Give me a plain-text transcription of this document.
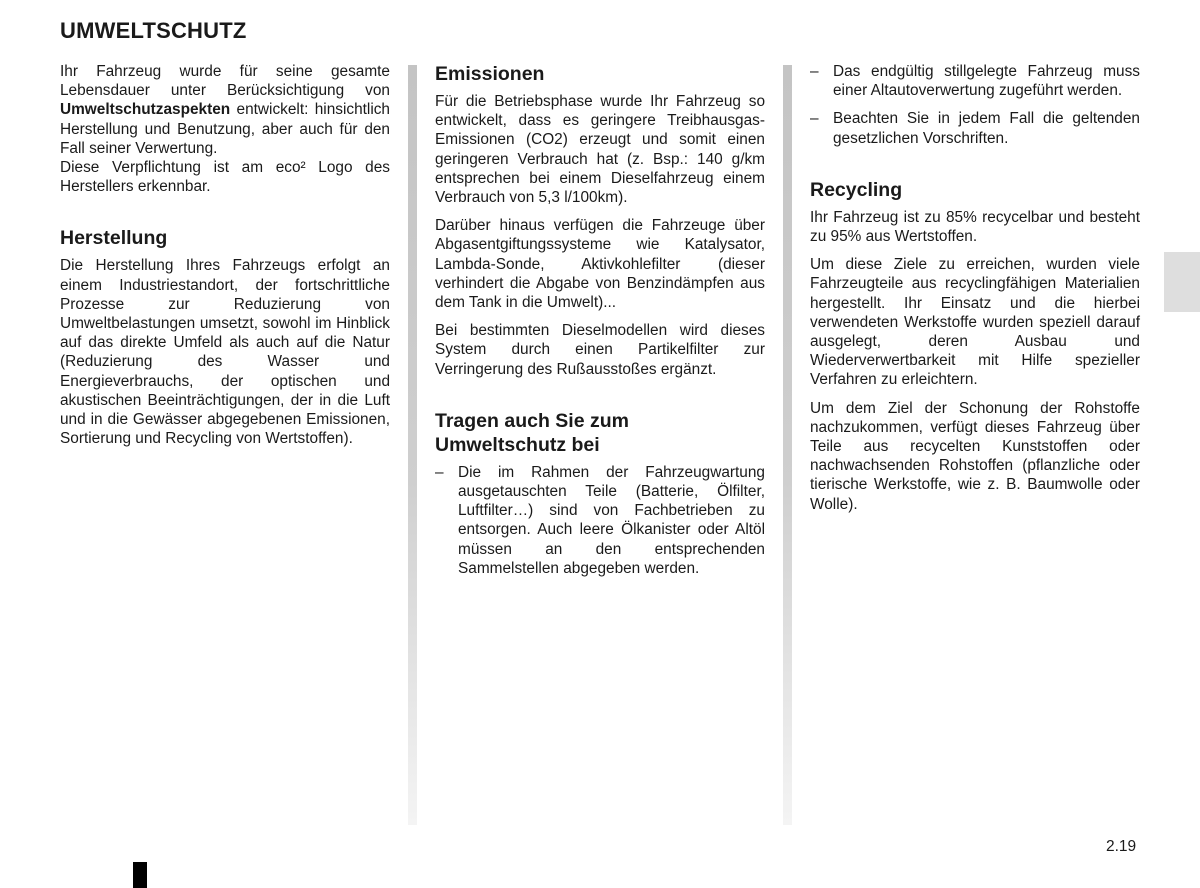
UMWELTSCHUTZ

Ihr Fahrzeug wurde für seine gesamte Lebensdauer unter Berücksichtigung von Umweltschutzaspekten entwickelt: hinsichtlich Herstellung und Benutzung, aber auch für den Fall seiner Verwertung.
Diese Verpflichtung ist am eco² Logo des Herstellers erkennbar.

Herstellung

Die Herstellung Ihres Fahrzeugs erfolgt an einem Industriestandort, der fortschrittliche Prozesse zur Reduzierung von Umweltbelastungen umsetzt, sowohl im Hinblick auf das direkte Umfeld als auch auf die Natur (Reduzierung des Wasser und Energieverbrauchs, der optischen und akustischen Beeinträchtigungen, der in die Luft und in die Gewässer abgegebenen Emissionen, Sortierung und Recycling von Wertstoffen).

Emissionen

Für die Betriebsphase wurde Ihr Fahrzeug so entwickelt, dass es geringere Treibhausgas-Emissionen (CO2) erzeugt und somit einen geringeren Verbrauch hat (z. Bsp.: 140 g/km entsprechen bei einem Dieselfahrzeug einem Verbrauch von 5,3 l/100km).

Darüber hinaus verfügen die Fahrzeuge über Abgasentgiftungssysteme wie Katalysator, Lambda-Sonde, Aktivkohlefilter (dieser verhindert die Abgabe von Benzindämpfen aus dem Tank in die Umwelt)...

Bei bestimmten Dieselmodellen wird dieses System durch einen Partikelfilter zur Verringerung des Rußausstoßes ergänzt.

Tragen auch Sie zum
Umweltschutz bei
– Die im Rahmen der Fahrzeugwartung ausgetauschten Teile (Batterie, Ölfilter, Luftfilter…) sind von Fachbetrieben zu entsorgen. Auch leere Ölkanister oder Altöl müssen an den entsprechenden Sammelstellen abgegeben werden.
– Das endgültig stillgelegte Fahrzeug muss einer Altautoverwertung zugeführt werden.
– Beachten Sie in jedem Fall die geltenden gesetzlichen Vorschriften.
Recycling

Ihr Fahrzeug ist zu 85% recycelbar und besteht zu 95% aus Wertstoffen.

Um diese Ziele zu erreichen, wurden viele Fahrzeugteile aus recyclingfähigen Materialien hergestellt. Ihr Einsatz und die hierbei verwendeten Werkstoffe wurden speziell darauf ausgelegt, deren Ausbau und Wiederverwertbarkeit mit Hilfe spezieller Verfahren zu erleichtern.

Um dem Ziel der Schonung der Rohstoffe nachzukommen, verfügt dieses Fahrzeug über Teile aus recycelten Kunststoffen oder nachwachsenden Rohstoffen (pflanzliche oder tierische Werkstoffe, wie z. B. Baumwolle oder Wolle).

2.19
